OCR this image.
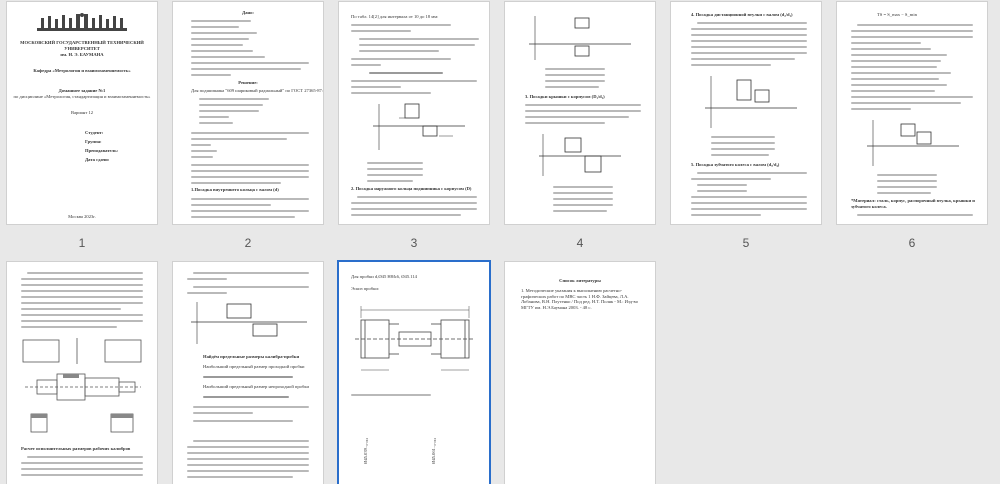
МОСКОВСКИЙ ГОСУДАРСТВЕННЫЙ ТЕХНИЧЕСКИЙ
УНИВЕРСИТЕТ
им. Н. Э. БАУМАНА
Кафедра «Метрология и взаимозаменяемость»
Домашнее задание №1
по дисциплине «Метрология, стандартизация и взаимозаменяемость»
Вариант 12
Студент:
Группа:
Преподаватель:
Дата сдачи:
Москва 2023г.
1
Дано:
Решение:
Для подшипника "609 шариковый радиальный" по ГОСТ 27365-87:
1.Посадка внутреннего кольца с валом (d)
2
По табл. 14[2] для интервала от 10 до 18 мм:
2. Посадка наружного кольца подшипника с корпусом (D)
3
3. Посадки крышки с корпусом (D₁/d₁)
4
4. Посадка дистанционной втулки с валом (d₂/d₁)
5. Посадка зубчатого колеса с валом (d₃/d₄)
5
TS = S_max − S_min
*Материал: сталь, корпус, распорочный втулка, крышки и зубчатого колеса.
6
Расчет исполнительных размеров рабочих калибров
Найдём предельные размеры калибра-пробки
Наибольший предельный размер проходной пробки
Наибольший предельный размер непроходной пробки
Для пробки d,Ø45 H8/k6, Ø45.114
Эскиз пробки:
Ø45.039₋₀.₀₀₄	Ø45.061₋₀.₀₀₄
Список литературы
1. Методические указания к выполнению расчетно-графических работ по МВС часть 1 Н.Ф. Зайцева, Л.А. Лобанова, В.Н. Плутенко / Под ред. Н.Т. Поляк - М.: Изд-во МГТУ им. Н.Э.Баумана 2003. - 48 с.
